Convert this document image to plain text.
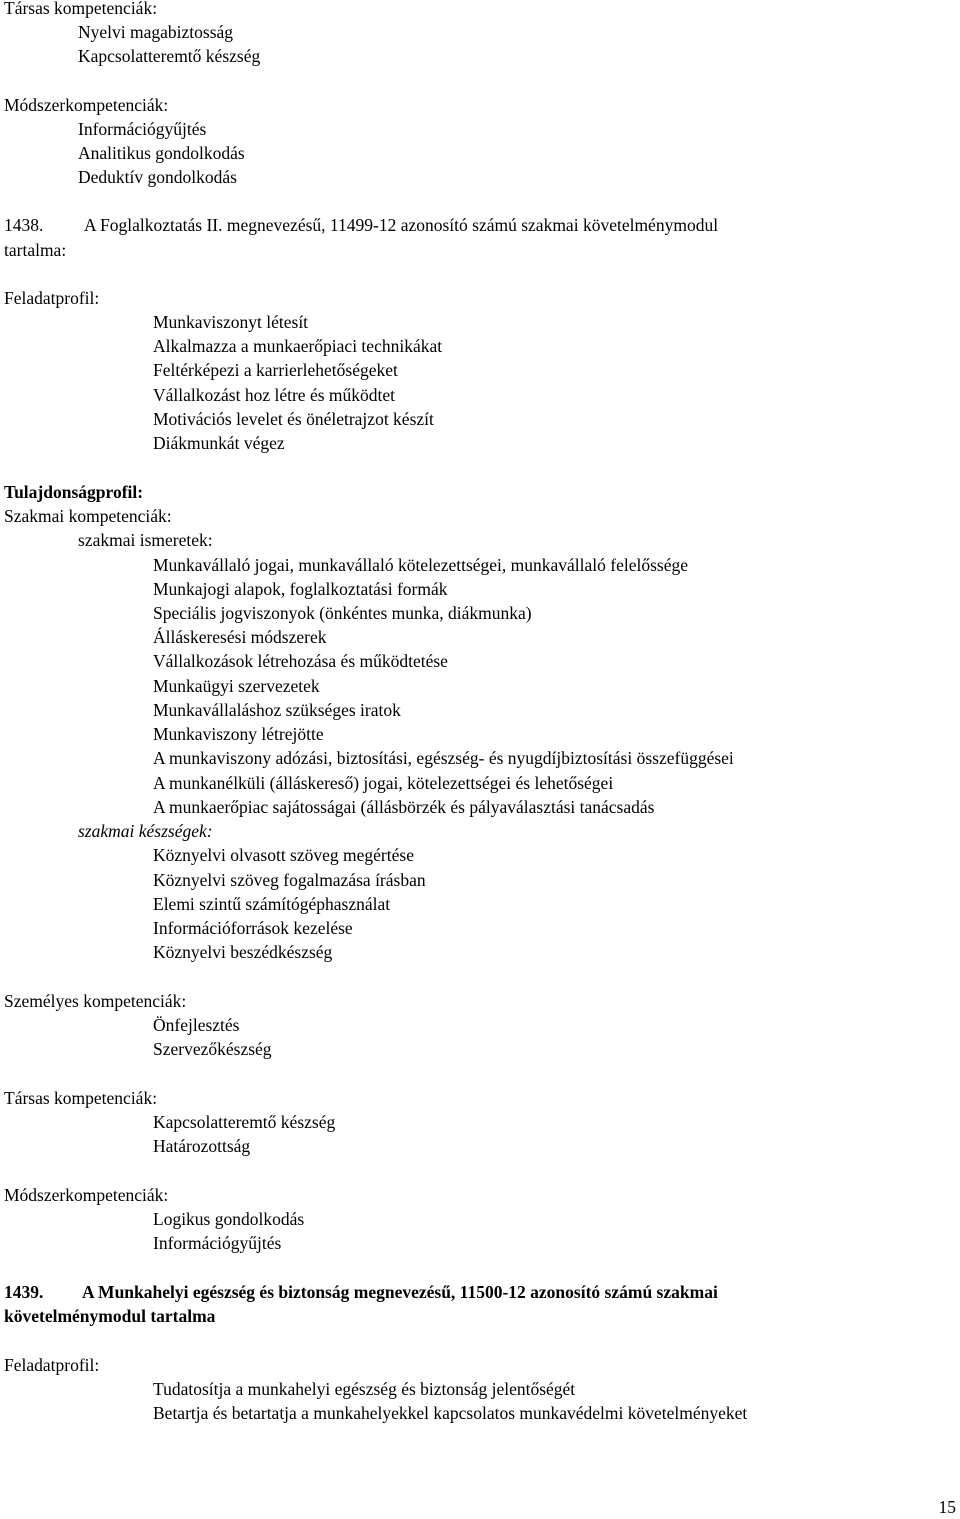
Társas kompetenciák:
Nyelvi magabiztosság
Kapcsolatteremtő készség
Módszerkompetenciák:
Információgyűjtés
Analitikus gondolkodás
Deduktív gondolkodás
1438. A Foglalkoztatás II. megnevezésű, 11499-12 azonosító számú szakmai követelménymodul
tartalma:
Feladatprofil:
Munkaviszonyt létesít
Alkalmazza a munkaerőpiaci technikákat
Feltérképezi a karrierlehetőségeket
Vállalkozást hoz létre és működtet
Motivációs levelet és önéletrajzot készít
Diákmunkát végez
Tulajdonságprofil:
Szakmai kompetenciák:
szakmai ismeretek:
Munkavállaló jogai, munkavállaló kötelezettségei, munkavállaló felelőssége
Munkajogi alapok, foglalkoztatási formák
Speciális jogviszonyok (önkéntes munka, diákmunka)
Álláskeresési módszerek
Vállalkozások létrehozása és működtetése
Munkaügyi szervezetek
Munkavállaláshoz szükséges iratok
Munkaviszony létrejötte
A munkaviszony adózási, biztosítási, egészség- és nyugdíjbiztosítási összefüggései
A munkanélküli (álláskereső) jogai, kötelezettségei és lehetőségei
A munkaerőpiac sajátosságai (állásbörzék és pályaválasztási tanácsadás
szakmai készségek:
Köznyelvi olvasott szöveg megértése
Köznyelvi szöveg fogalmazása írásban
Elemi szintű számítógéphasználat
Információforrások kezelése
Köznyelvi beszédkészség
Személyes kompetenciák:
Önfejlesztés
Szervezőkészség
Társas kompetenciák:
Kapcsolatteremtő készség
Határozottság
Módszerkompetenciák:
Logikus gondolkodás
Információgyűjtés
1439. A Munkahelyi egészség és biztonság megnevezésű, 11500-12 azonosító számú szakmai
követelménymodul tartalma
Feladatprofil:
Tudatosítja a munkahelyi egészség és biztonság jelentőségét
Betartja és betartatja a munkahelyekkel kapcsolatos munkavédelmi követelményeket
15
